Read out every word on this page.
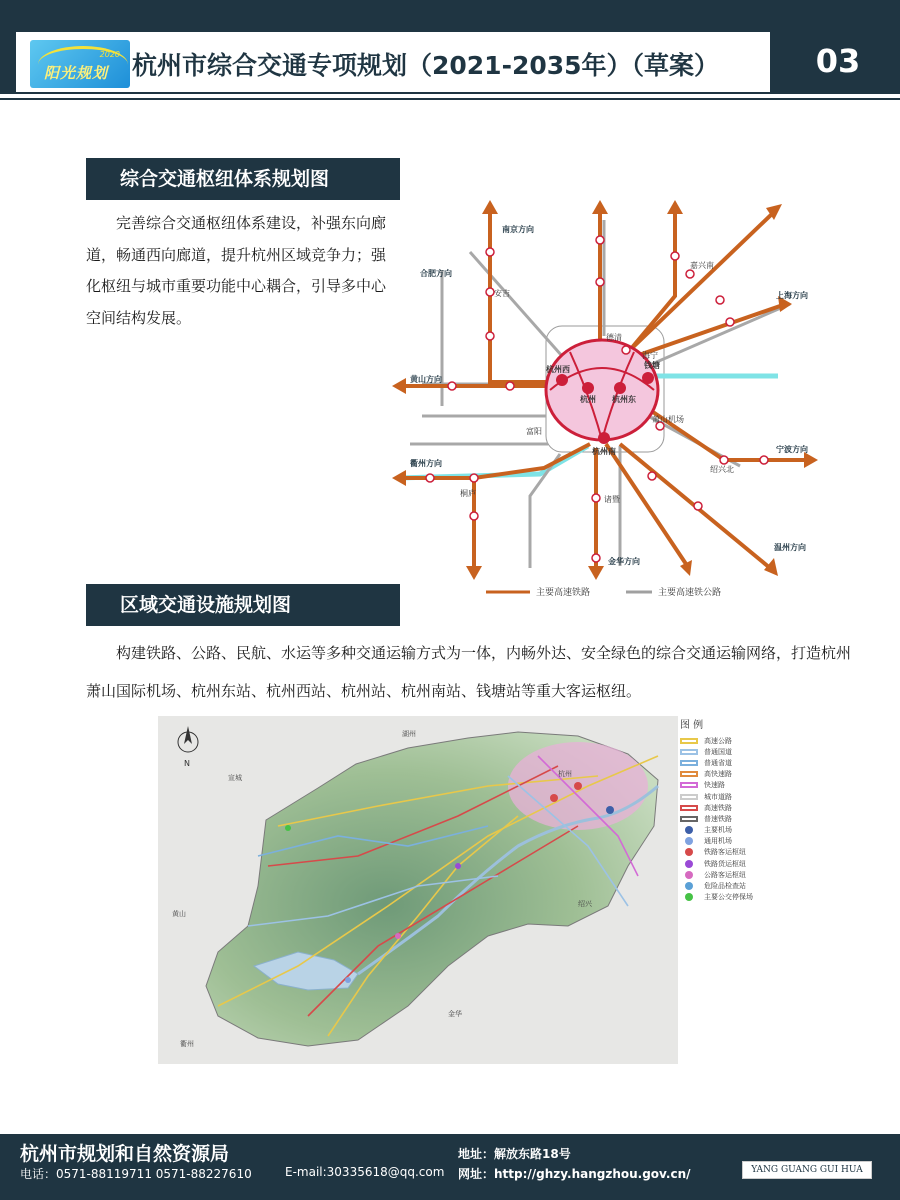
2020
阳光规划 杭州市综合交通专项规划（2021-2035年）（草案）	03
综合交通枢纽体系规划图
完善综合交通枢纽体系建设，补强东向廊道，畅通西向廊道，提升杭州区域竞争力；强化枢纽与城市重要功能中心耦合，引导多中心空间结构发展。
杭州西
杭州 杭州东
钱塘
杭州南
萧山机场
富阳
桐庐
德清
安吉
嘉兴南
海宁
绍兴北
诸暨
南京方向
合肥方向
上海方向
宁波方向
黄山方向
温州方向
衢州方向
金华方向
主要高速铁路	主要高速铁公路
区域交通设施规划图
构建铁路、公路、民航、水运等多种交通运输方式为一体，内畅外达、安全绿色的综合交通运输网络，打造杭州萧山国际机场、杭州东站、杭州西站、杭州站、杭州南站、钱塘站等重大客运枢纽。
N
湖州
宣城
黄山
衢州
金华
绍兴
杭州
图 例
高速公路
普通国道
普通省道
高快速路
快速路
城市道路
高速铁路
普速铁路
主要机场
通用机场
铁路客运枢纽
铁路货运枢纽
公路客运枢纽
危险品检查站
主要公交停保场
杭州市规划和自然资源局
电话：0571-88119711 0571-88227610	E-mail:30335618@qq.com
地址：解放东路18号
网址：http://ghzy.hangzhou.gov.cn/	YANG GUANG GUI HUA
